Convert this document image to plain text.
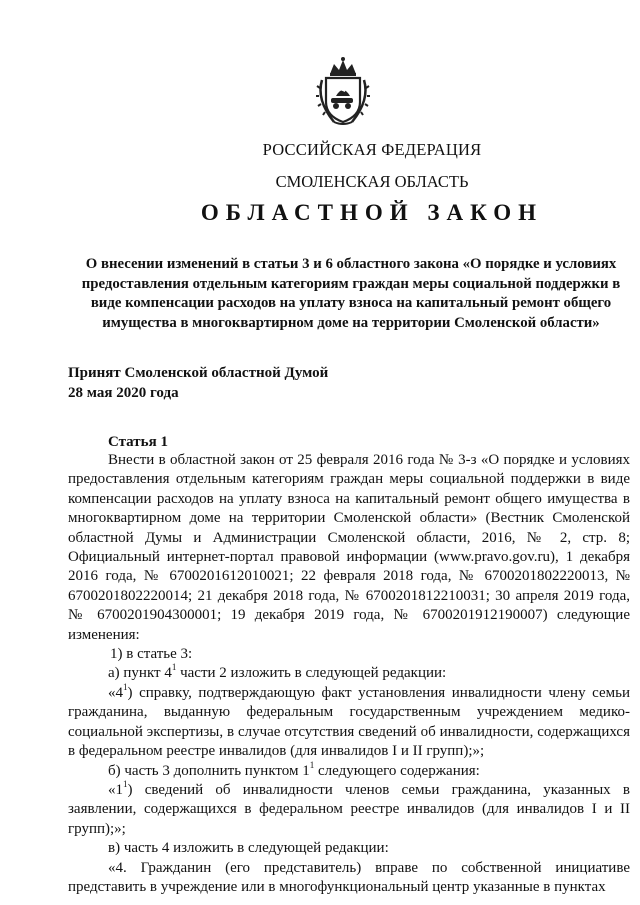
РОССИЙСКАЯ ФЕДЕРАЦИЯ
СМОЛЕНСКАЯ ОБЛАСТЬ
ОБЛАСТНОЙ ЗАКОН
О внесении изменений в статьи 3 и 6 областного закона «О порядке и условиях предоставления отдельным категориям граждан меры социальной поддержки в виде компенсации расходов на уплату взноса на капитальный ремонт общего имущества в многоквартирном доме на территории Смоленской области»
Принят Смоленской областной Думой
28 мая 2020 года
Статья 1

Внести в областной закон от 25 февраля 2016 года № 3-з «О порядке и условиях предоставления отдельным категориям граждан меры социальной поддержки в виде компенсации расходов на уплату взноса на капитальный ремонт общего имущества в многоквартирном доме на территории Смоленской области» (Вестник Смоленской областной Думы и Администрации Смоленской области, 2016, № 2, стр. 8; Официальный интернет-портал правовой информации (www.pravo.gov.ru), 1 декабря 2016 года, № 6700201612010021; 22 февраля 2018 года, № 6700201802220013, № 6700201802220014; 21 декабря 2018 года, № 6700201812210031; 30 апреля 2019 года, № 6700201904300001; 19 декабря 2019 года, № 6700201912190007) следующие изменения:

1) в статье 3:

а) пункт $4^1$ части 2 изложить в следующей редакции:

«$4^1$) справку, подтверждающую факт установления инвалидности члену семьи гражданина, выданную федеральным государственным учреждением медико-социальной экспертизы, в случае отсутствия сведений об инвалидности, содержащихся в федеральном реестре инвалидов (для инвалидов I и II групп);»;

б) часть 3 дополнить пунктом $1^1$ следующего содержания:

«$1^1$) сведений об инвалидности членов семьи гражданина, указанных в заявлении, содержащихся в федеральном реестре инвалидов (для инвалидов I и II групп);»;

в) часть 4 изложить в следующей редакции:

«4. Гражданин (его представитель) вправе по собственной инициативе представить в учреждение или в многофункциональный центр указанные в пунктах
